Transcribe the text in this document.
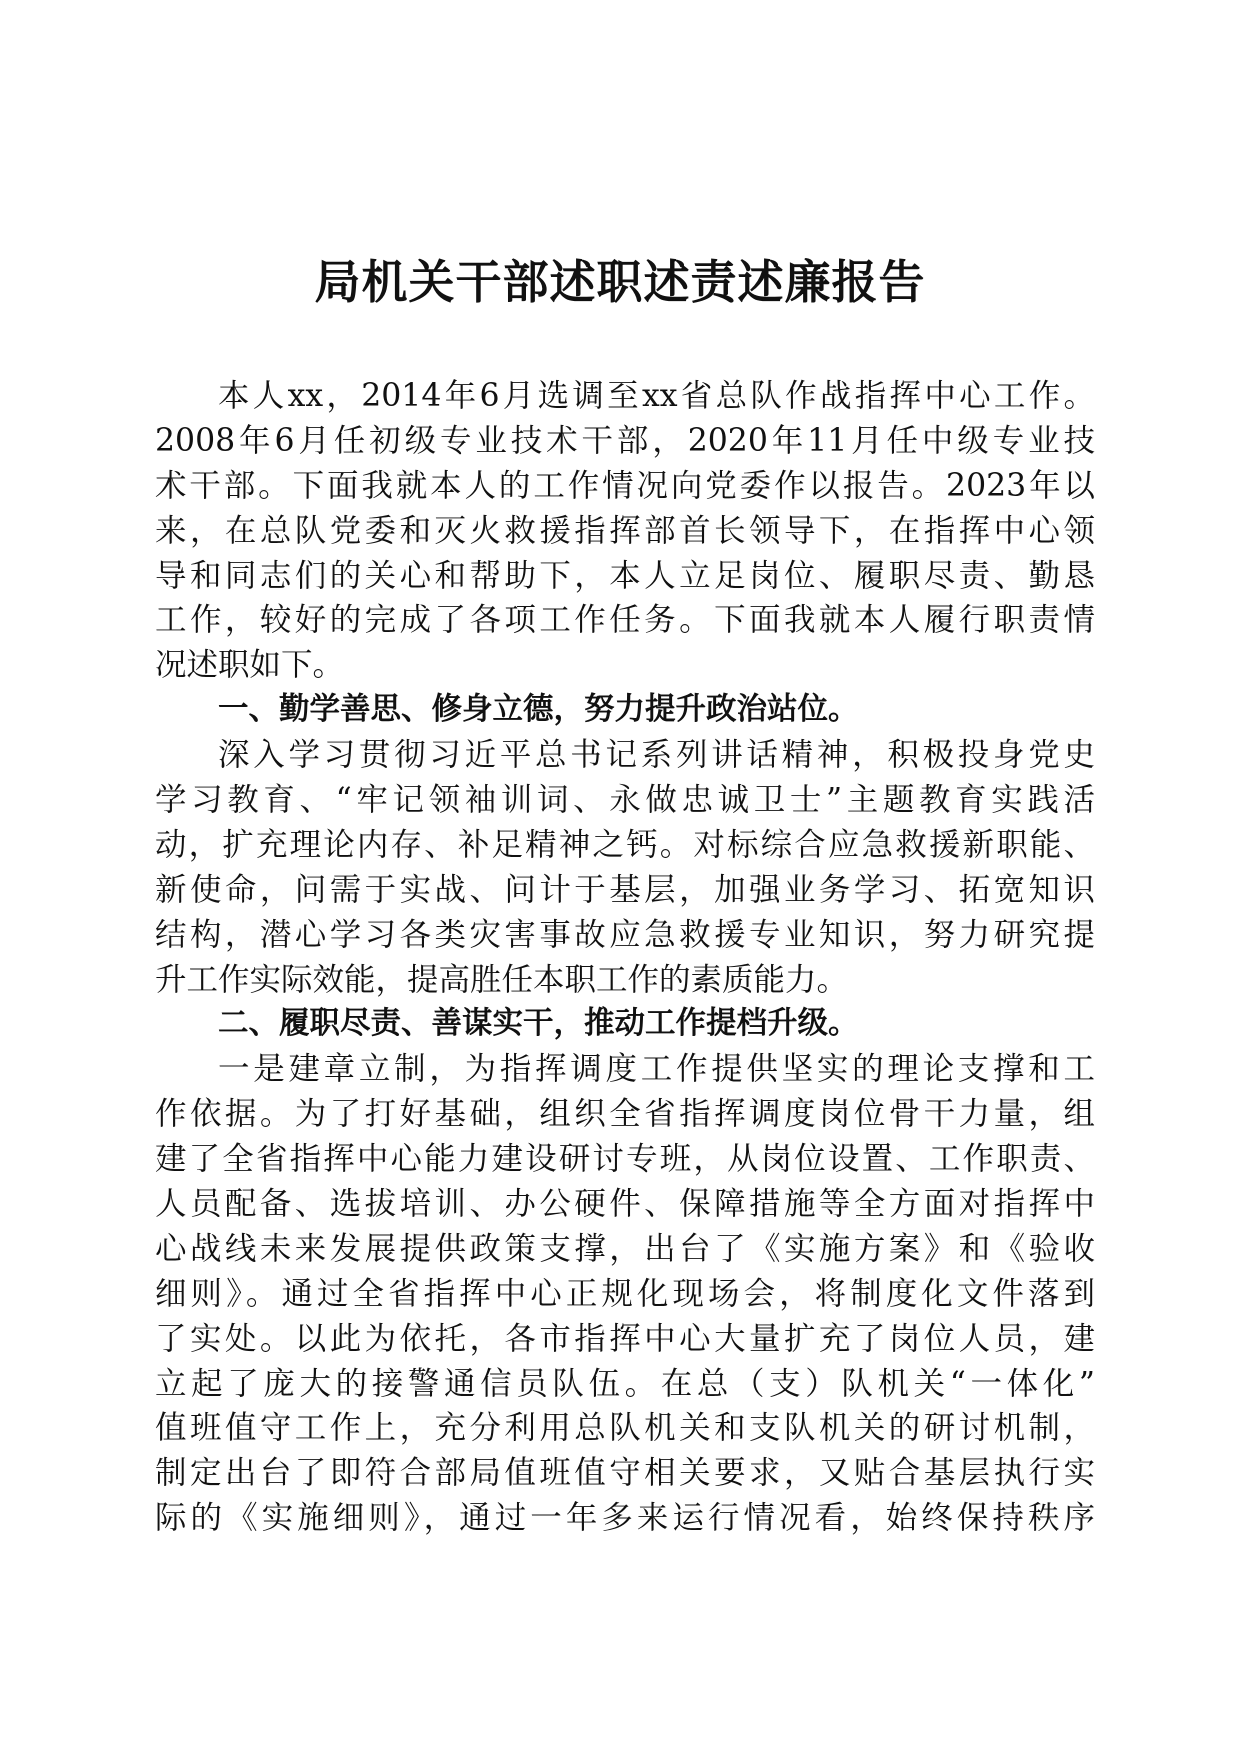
局机关干部述职述责述廉报告
本人xx，2014年6月选调至xx省总队作战指挥中心工作。
2008年6月任初级专业技术干部，2020年11月任中级专业技
术干部。下面我就本人的工作情况向党委作以报告。2023年以
来，在总队党委和灭火救援指挥部首长领导下，在指挥中心领
导和同志们的关心和帮助下，本人立足岗位、履职尽责、勤恳
工作，较好的完成了各项工作任务。下面我就本人履行职责情
况述职如下。
一、勤学善思、修身立德，努力提升政治站位。
深入学习贯彻习近平总书记系列讲话精神，积极投身党史
学习教育、“牢记领袖训词、永做忠诚卫士”主题教育实践活
动，扩充理论内存、补足精神之钙。对标综合应急救援新职能、
新使命，问需于实战、问计于基层，加强业务学习、拓宽知识
结构，潜心学习各类灾害事故应急救援专业知识，努力研究提
升工作实际效能，提高胜任本职工作的素质能力。
二、履职尽责、善谋实干，推动工作提档升级。
一是建章立制，为指挥调度工作提供坚实的理论支撑和工
作依据。为了打好基础，组织全省指挥调度岗位骨干力量，组
建了全省指挥中心能力建设研讨专班，从岗位设置、工作职责、
人员配备、选拔培训、办公硬件、保障措施等全方面对指挥中
心战线未来发展提供政策支撑，出台了《实施方案》和《验收
细则》。通过全省指挥中心正规化现场会，将制度化文件落到
了实处。以此为依托，各市指挥中心大量扩充了岗位人员，建
立起了庞大的接警通信员队伍。在总（支）队机关“一体化”
值班值守工作上，充分利用总队机关和支队机关的研讨机制，
制定出台了即符合部局值班值守相关要求，又贴合基层执行实
际的《实施细则》，通过一年多来运行情况看，始终保持秩序
